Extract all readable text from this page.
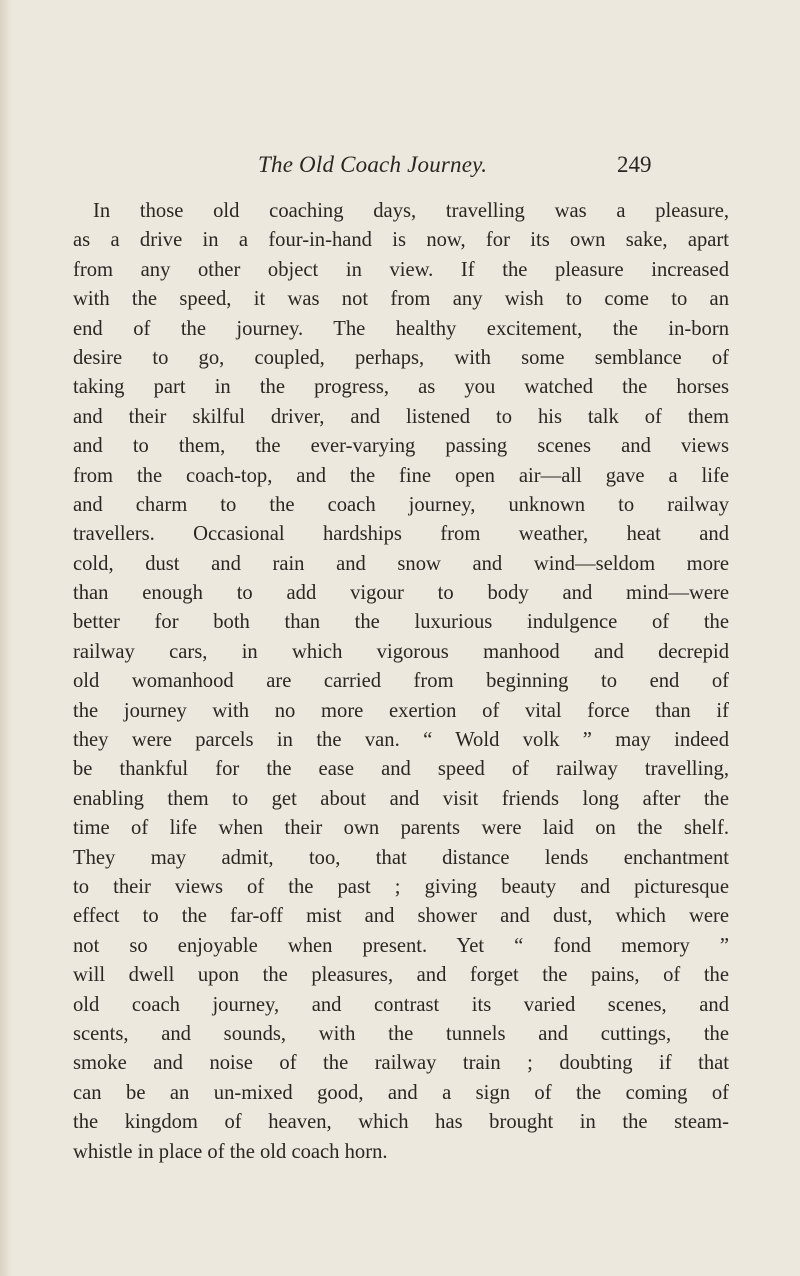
The Old Coach Journey.	249
In those old coaching days, travelling was a pleasure,
as a drive in a four-in-hand is now, for its own sake, apart
from any other object in view. If the pleasure increased
with the speed, it was not from any wish to come to an
end of the journey. The healthy excitement, the in-born
desire to go, coupled, perhaps, with some semblance of
taking part in the progress, as you watched the horses
and their skilful driver, and listened to his talk of them
and to them, the ever-varying passing scenes and views
from the coach-top, and the fine open air—all gave a life
and charm to the coach journey, unknown to railway
travellers. Occasional hardships from weather, heat and
cold, dust and rain and snow and wind—seldom more
than enough to add vigour to body and mind—were
better for both than the luxurious indulgence of the
railway cars, in which vigorous manhood and decrepid
old womanhood are carried from beginning to end of
the journey with no more exertion of vital force than if
they were parcels in the van. “ Wold volk ” may indeed
be thankful for the ease and speed of railway travelling,
enabling them to get about and visit friends long after the
time of life when their own parents were laid on the shelf.
They may admit, too, that distance lends enchantment
to their views of the past ; giving beauty and picturesque
effect to the far-off mist and shower and dust, which were
not so enjoyable when present. Yet “ fond memory ”
will dwell upon the pleasures, and forget the pains, of the
old coach journey, and contrast its varied scenes, and
scents, and sounds, with the tunnels and cuttings, the
smoke and noise of the railway train ; doubting if that
can be an un-mixed good, and a sign of the coming of
the kingdom of heaven, which has brought in the steam-
whistle in place of the old coach horn.
